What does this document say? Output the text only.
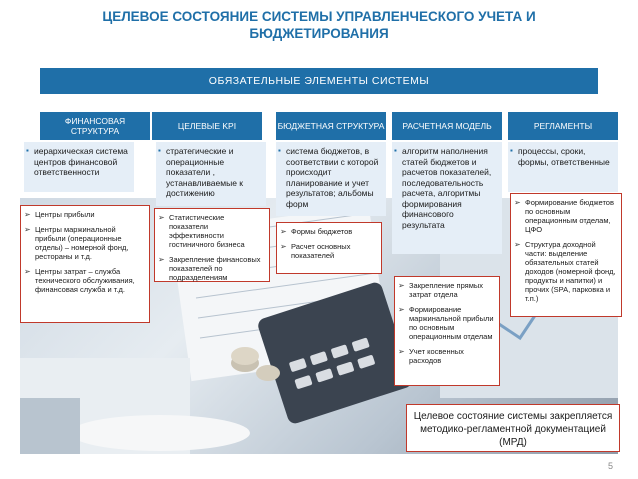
ЦЕЛЕВОЕ СОСТОЯНИЕ СИСТЕМЫ УПРАВЛЕНЧЕСКОГО УЧЕТА И БЮДЖЕТИРОВАНИЯ
ОБЯЗАТЕЛЬНЫЕ ЭЛЕМЕНТЫ СИСТЕМЫ
ФИНАНСОВАЯ СТРУКТУРА	ЦЕЛЕВЫЕ KPI	БЮДЖЕТНАЯ СТРУКТУРА	РАСЧЕТНАЯ МОДЕЛЬ	РЕГЛАМЕНТЫ
▪ иерархическая система центров финансовой ответственности
▪ стратегические и операционные показатели , устанавливаемые к достижению
▪ система бюджетов, в соответствии с которой происходит планирование и учет результатов; альбомы форм
▪ алгоритм наполнения статей бюджетов и расчетов показателей, последовательность расчета, алгоритмы формирования финансового результата
▪ процессы, сроки, формы, ответственные
➢ Центры прибыли
➢ Центры маржинальной прибыли (операционные отделы) – номерной фонд, рестораны и т.д.
➢ Центры затрат – служба технического обслуживания, финансовая служба и т.д.
➢ Статистические показатели эффективности гостиничного бизнеса
➢ Закрепление финансовых показателей по подразделениям
➢ Формы бюджетов
➢ Расчет основных показателей
➢ Закрепление прямых затрат отдела
➢ Формирование маржинальной прибыли по основным операционным отделам
➢ Учет косвенных расходов
➢ Формирование бюджетов по основным операционным отделам, ЦФО
➢ Структура доходной части: выделение обязательных статей доходов (номерной фонд, продукты и напитки) и прочих (SPA, парковка и т.п.)
Целевое состояние системы закрепляется методико-регламентной документацией (МРД)
5
